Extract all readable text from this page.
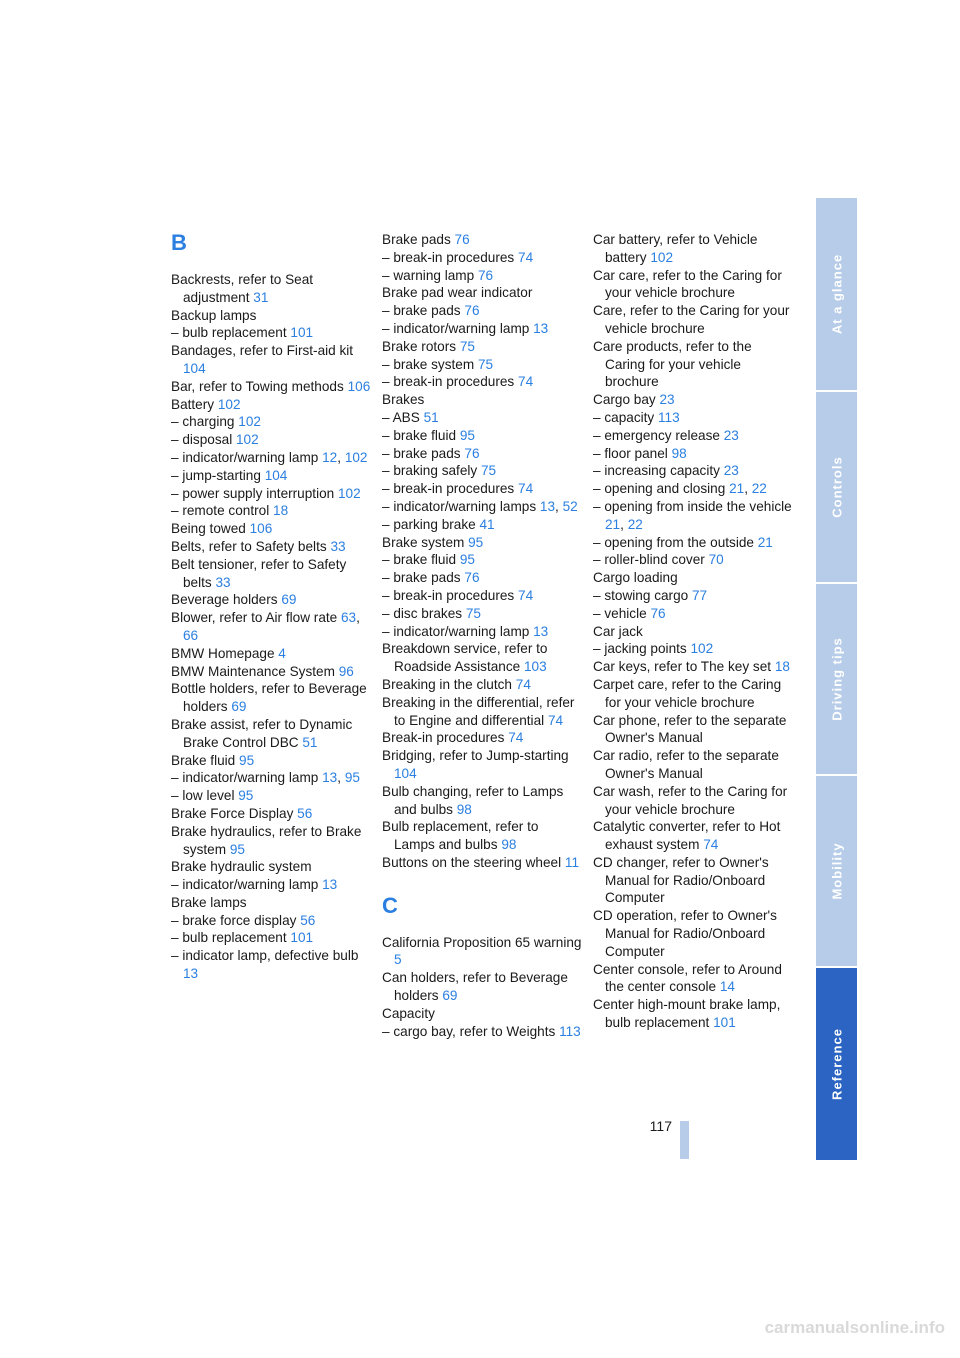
B
Backrests, refer to Seat adjustment 31
Backup lamps
– bulb replacement 101
Bandages, refer to First-aid kit 104
Bar, refer to Towing methods 106
Battery 102
– charging 102
– disposal 102
– indicator/warning lamp 12, 102
– jump-starting 104
– power supply interruption 102
– remote control 18
Being towed 106
Belts, refer to Safety belts 33
Belt tensioner, refer to Safety belts 33
Beverage holders 69
Blower, refer to Air flow rate 63, 66
BMW Homepage 4
BMW Maintenance System 96
Bottle holders, refer to Beverage holders 69
Brake assist, refer to Dynamic Brake Control DBC 51
Brake fluid 95
– indicator/warning lamp 13, 95
– low level 95
Brake Force Display 56
Brake hydraulics, refer to Brake system 95
Brake hydraulic system
– indicator/warning lamp 13
Brake lamps
– brake force display 56
– bulb replacement 101
– indicator lamp, defective bulb 13
Brake pads 76
– break-in procedures 74
– warning lamp 76
Brake pad wear indicator
– brake pads 76
– indicator/warning lamp 13
Brake rotors 75
– brake system 75
– break-in procedures 74
Brakes
– ABS 51
– brake fluid 95
– brake pads 76
– braking safely 75
– break-in procedures 74
– indicator/warning lamps 13, 52
– parking brake 41
Brake system 95
– brake fluid 95
– brake pads 76
– break-in procedures 74
– disc brakes 75
– indicator/warning lamp 13
Breakdown service, refer to Roadside Assistance 103
Breaking in the clutch 74
Breaking in the differential, refer to Engine and differential 74
Break-in procedures 74
Bridging, refer to Jump-starting 104
Bulb changing, refer to Lamps and bulbs 98
Bulb replacement, refer to Lamps and bulbs 98
Buttons on the steering wheel 11
C
California Proposition 65 warning 5
Can holders, refer to Beverage holders 69
Capacity
– cargo bay, refer to Weights 113
Car battery, refer to Vehicle battery 102
Car care, refer to the Caring for your vehicle brochure
Care, refer to the Caring for your vehicle brochure
Care products, refer to the Caring for your vehicle brochure
Cargo bay 23
– capacity 113
– emergency release 23
– floor panel 98
– increasing capacity 23
– opening and closing 21, 22
– opening from inside the vehicle 21, 22
– opening from the outside 21
– roller-blind cover 70
Cargo loading
– stowing cargo 77
– vehicle 76
Car jack
– jacking points 102
Car keys, refer to The key set 18
Carpet care, refer to the Caring for your vehicle brochure
Car phone, refer to the separate Owner's Manual
Car radio, refer to the separate Owner's Manual
Car wash, refer to the Caring for your vehicle brochure
Catalytic converter, refer to Hot exhaust system 74
CD changer, refer to Owner's Manual for Radio/Onboard Computer
CD operation, refer to Owner's Manual for Radio/Onboard Computer
Center console, refer to Around the center console 14
Center high-mount brake lamp, bulb replacement 101
At a glance
Controls
Driving tips
Mobility
Reference
117
carmanualsonline.info
